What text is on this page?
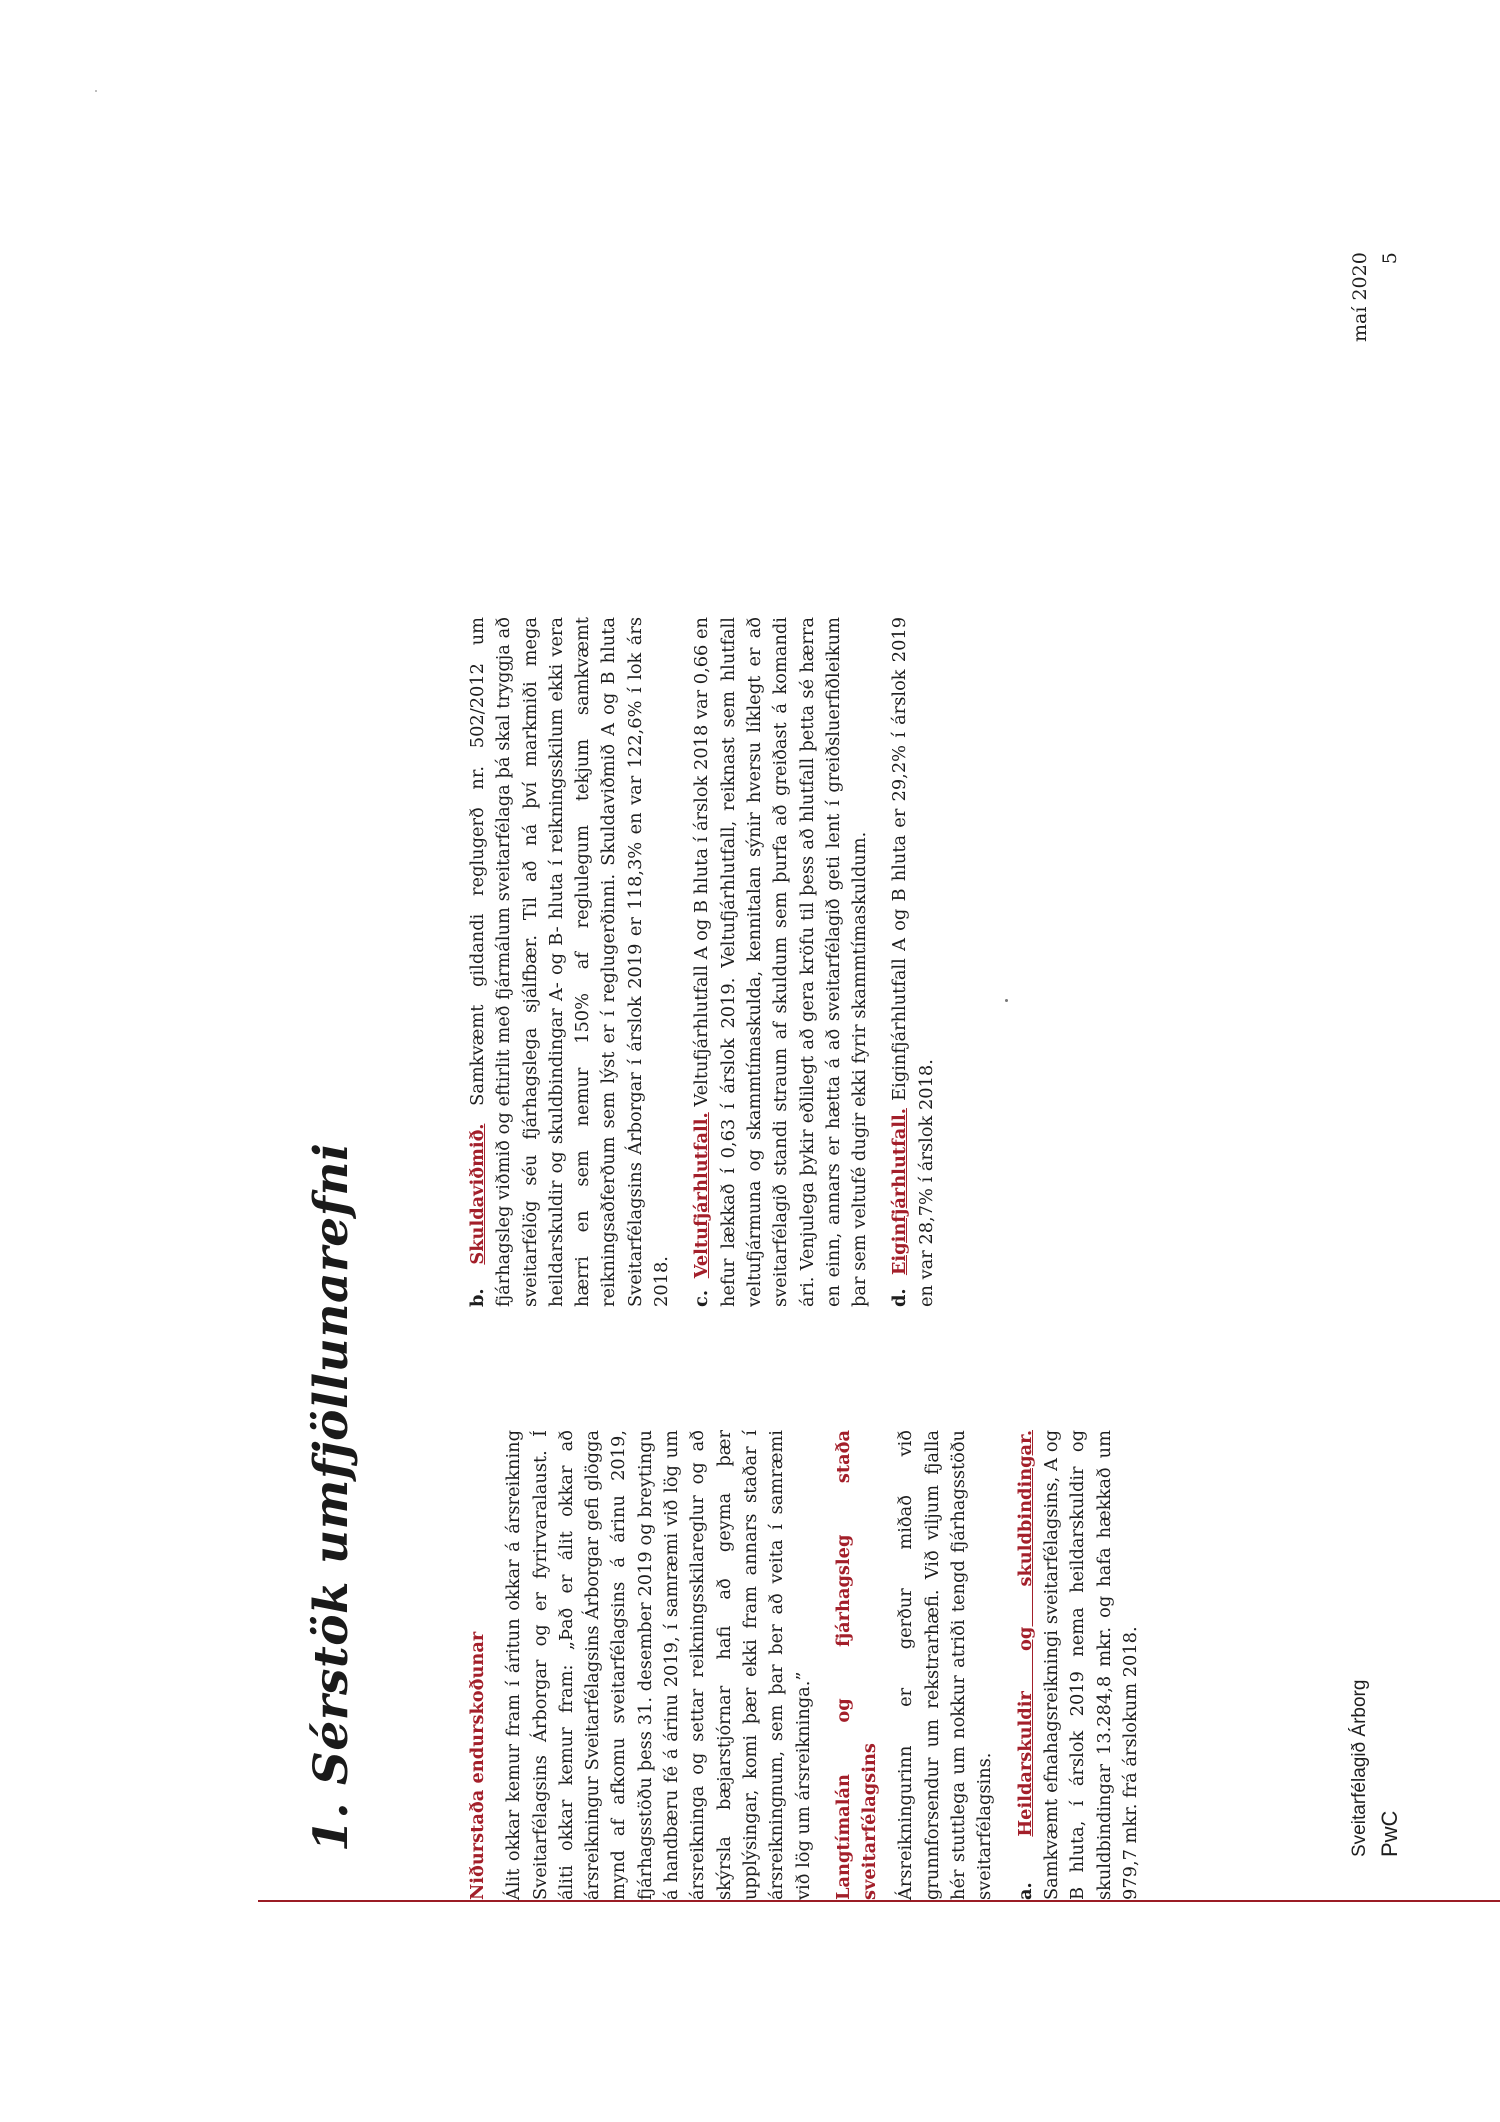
1. Sérstök umfjöllunarefni	Niðurstaða endurskoðunar Álit okkar kemur fram í áritun okkar á ársreikning Sveitarfélagsins Árborgar og er fyrirvaralaust. Í áliti okkar kemur fram: „Það er álit okkar að ársreikningur Sveitarfélagsins Árborgar gefi glögga mynd af afkomu sveitarfélagsins á árinu 2019, fjárhagsstöðu þess 31. desember 2019 og breytingu á handbæru fé á árinu 2019, í samræmi við lög um ársreikninga og settar reikningsskilareglur og að skýrsla bæjarstjórnar hafi að geyma þær upplýsingar, komi þær ekki fram annars staðar í ársreikningnum, sem þar ber að veita í samræmi við lög um ársreikninga.” Langtímalán og fjárhagsleg staða sveitarfélagsins Ársreikningurinn er gerður miðað við grunnforsendur um rekstrarhæfi. Við viljum fjalla hér stuttlega um nokkur atriði tengd fjárhagsstöðu sveitarfélagsins. a. Heildarskuldir og skuldbindingar. Samkvæmt efnahagsreikningi sveitarfélagsins, A og B hluta, í árslok 2019 nema heildarskuldir og skuldbindingar 13.284,8 mkr. og hafa hækkað um 979,7 mkr. frá árslokum 2018.

b. Skuldaviðmið. Samkvæmt gildandi reglugerð nr. 502/2012 um fjárhagsleg viðmið og eftirlit með fjármálum sveitarfélaga þá skal tryggja að sveitarfélög séu fjárhagslega sjálfbær. Til að ná því markmiði mega heildarskuldir og skuldbindingar A- og B- hluta í reikningsskilum ekki vera hærri en sem nemur 150% af reglulegum tekjum samkvæmt reikningsaðferðum sem lýst er í reglugerðinni. Skuldaviðmið A og B hluta Sveitarfélagsins Árborgar í árslok 2019 er 118,3% en var 122,6% í lok árs 2018. c. Veltufjárhlutfall. Veltufjárhlutfall A og B hluta í árslok 2018 var 0,66 en hefur lækkað í 0,63 í árslok 2019. Veltufjárhlutfall, reiknast sem hlutfall veltufjármuna og skammtímaskulda, kennitalan sýnir hversu líklegt er að sveitarfélagið standi straum af skuldum sem þurfa að greiðast á komandi ári. Venjulega þykir eðlilegt að gera kröfu til þess að hlutfall þetta sé hærra en einn, annars er hætta á að sveitarfélagið geti lent í greiðsluerfiðleikum þar sem veltufé dugir ekki fyrir skammtímaskuldum. d. Eiginfjárhlutfall. Eiginfjárhlutfall A og B hluta er 29,2% í árslok 2019 en var 28,7% í árslok 2018.

Sveitarfélagið Árborg PwC
maí 2020 5
